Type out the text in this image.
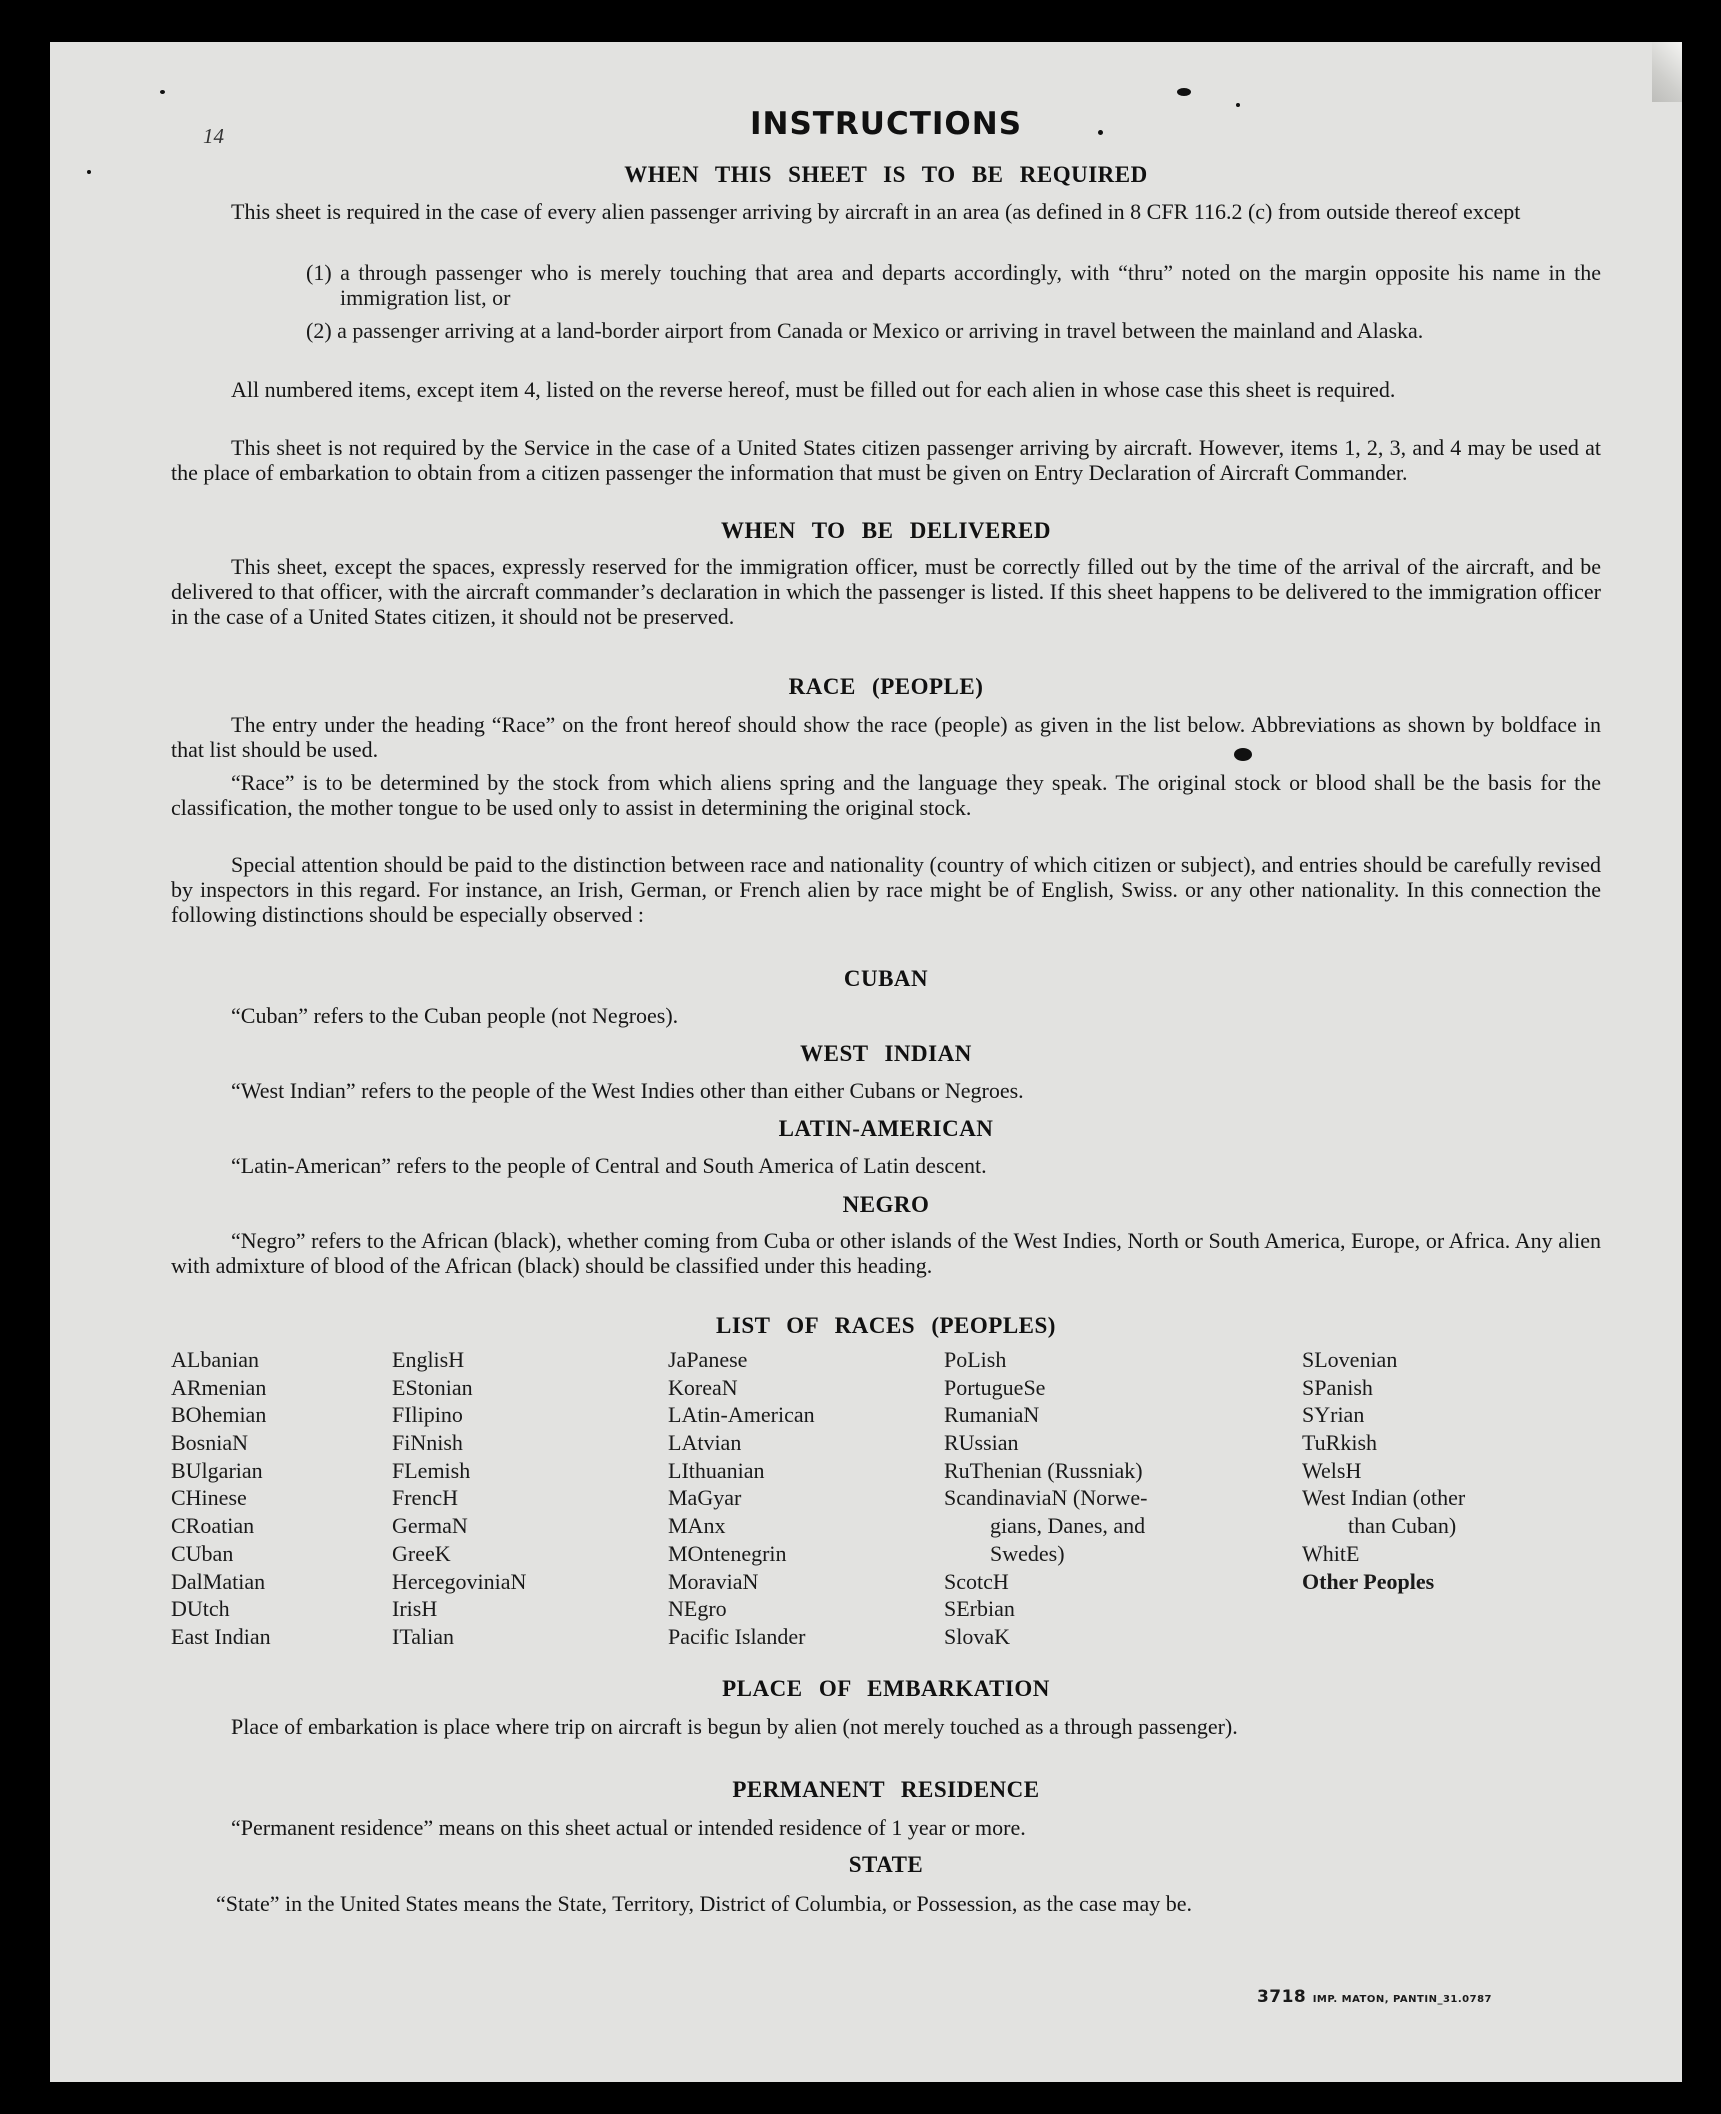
14	INSTRUCTIONS
WHEN THIS SHEET IS TO BE REQUIRED

This sheet is required in the case of every alien passenger arriving by aircraft in an area (as defined in 8 CFR 116.2 (c) from outside thereof except

(1) a through passenger who is merely touching that area and departs accordingly, with “thru” noted on the margin opposite his name in the immigration list, or
(2) a passenger arriving at a land-border airport from Canada or Mexico or arriving in travel between the mainland and Alaska.

All numbered items, except item 4, listed on the reverse hereof, must be filled out for each alien in whose case this sheet is required.

This sheet is not required by the Service in the case of a United States citizen passenger arriving by aircraft. However, items 1, 2, 3, and 4 may be used at the place of embarkation to obtain from a citizen passenger the information that must be given on Entry Declaration of Aircraft Commander.

WHEN TO BE DELIVERED

This sheet, except the spaces, expressly reserved for the immigration officer, must be correctly filled out by the time of the arrival of the aircraft, and be delivered to that officer, with the aircraft commander’s declaration in which the passenger is listed. If this sheet happens to be delivered to the immigration officer in the case of a United States citizen, it should not be preserved.

RACE (PEOPLE)

The entry under the heading “Race” on the front hereof should show the race (people) as given in the list below. Abbreviations as shown by boldface in that list should be used.

“Race” is to be determined by the stock from which aliens spring and the language they speak. The original stock or blood shall be the basis for the classification, the mother tongue to be used only to assist in determining the original stock.

Special attention should be paid to the distinction between race and nationality (country of which citizen or subject), and entries should be carefully revised by inspectors in this regard. For instance, an Irish, German, or French alien by race might be of English, Swiss. or any other nationality. In this connection the following distinctions should be especially observed :

CUBAN

“Cuban” refers to the Cuban people (not Negroes).

WEST INDIAN

“West Indian” refers to the people of the West Indies other than either Cubans or Negroes.

LATIN-AMERICAN

“Latin-American” refers to the people of Central and South America of Latin descent.

NEGRO

“Negro” refers to the African (black), whether coming from Cuba or other islands of the West Indies, North or South America, Europe, or Africa. Any alien with admixture of blood of the African (black) should be classified under this heading.

LIST OF RACES (PEOPLES)
ALbanian
ARmenian
BOhemian
BosniaN
BUlgarian
CHinese
CRoatian
CUban
DalMatian
DUtch
East Indian
EnglisH
EStonian
FIlipino
FiNnish
FLemish
FrencH
GermaN
GreeK
HercegoviniaN
IrisH
ITalian
JaPanese
KoreaN
LAtin-American
LAtvian
LIthuanian
MaGyar
MAnx
MOntenegrin
MoraviaN
NEgro
Pacific Islander
PoLish
PortugueSe
RumaniaN
RUssian
RuThenian (Russniak)
ScandinaviaN (Norwe-
gians, Danes, and
Swedes)
ScotcH
SErbian
SlovaK
SLovenian
SPanish
SYrian
TuRkish
WelsH
West Indian (other
than Cuban)
WhitE
Other Peoples
PLACE OF EMBARKATION

Place of embarkation is place where trip on aircraft is begun by alien (not merely touched as a through passenger).

PERMANENT RESIDENCE

“Permanent residence” means on this sheet actual or intended residence of 1 year or more.

STATE

“State” in the United States means the State, Territory, District of Columbia, or Possession, as the case may be.

3718 IMP. MATON, PANTIN_31.0787
